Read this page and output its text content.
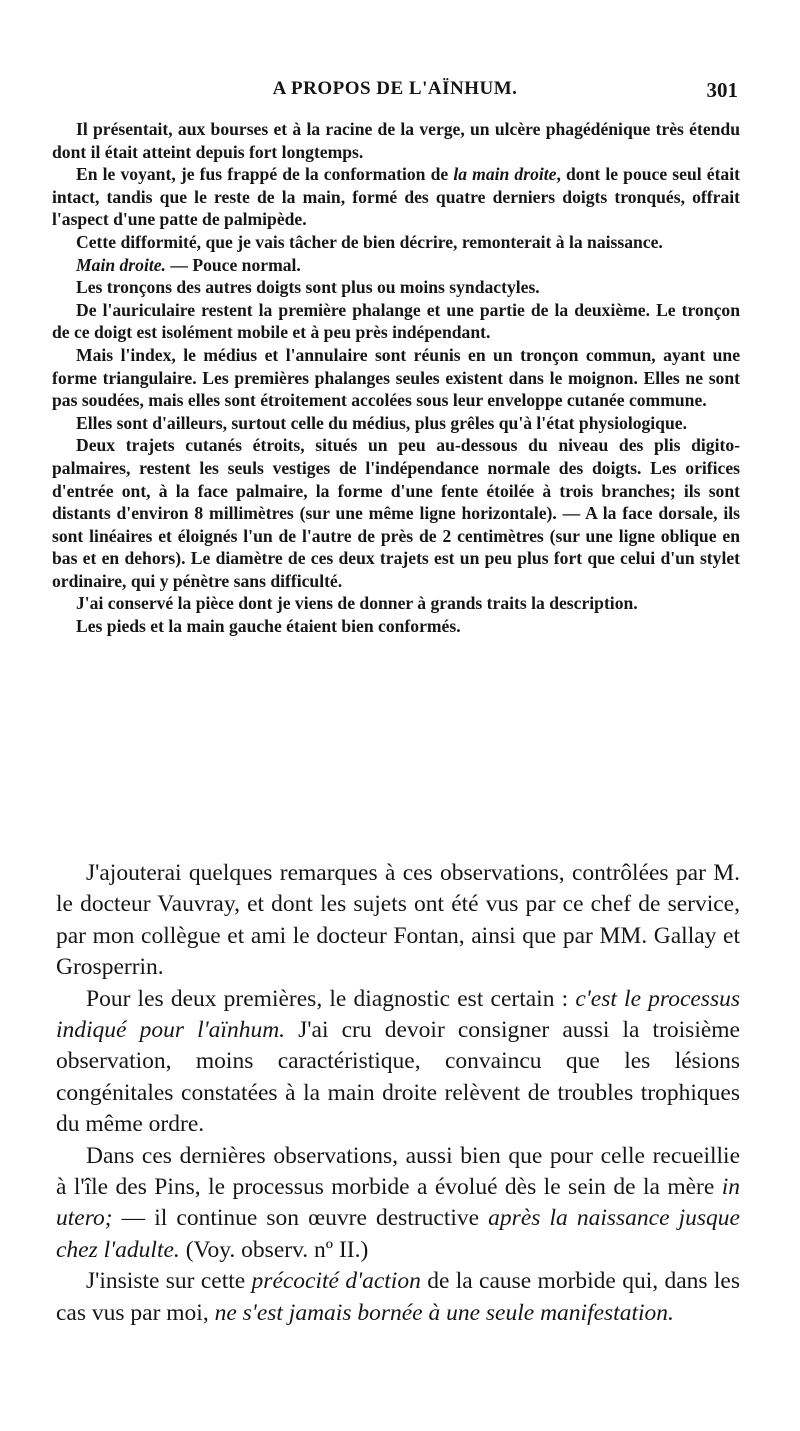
A PROPOS DE L'AÏNHUM.	301

Il présentait, aux bourses et à la racine de la verge, un ulcère phagédénique très étendu dont il était atteint depuis fort longtemps.

En le voyant, je fus frappé de la conformation de la main droite, dont le pouce seul était intact, tandis que le reste de la main, formé des quatre derniers doigts tronqués, offrait l'aspect d'une patte de palmipède.

Cette difformité, que je vais tâcher de bien décrire, remonterait à la naissance.

Main droite. — Pouce normal.

Les tronçons des autres doigts sont plus ou moins syndactyles.

De l'auriculaire restent la première phalange et une partie de la deuxième. Le tronçon de ce doigt est isolément mobile et à peu près indépendant.

Mais l'index, le médius et l'annulaire sont réunis en un tronçon commun, ayant une forme triangulaire. Les premières phalanges seules existent dans le moignon. Elles ne sont pas soudées, mais elles sont étroitement accolées sous leur enveloppe cutanée commune.

Elles sont d'ailleurs, surtout celle du médius, plus grêles qu'à l'état physiologique.

Deux trajets cutanés étroits, situés un peu au-dessous du niveau des plis digito-palmaires, restent les seuls vestiges de l'indépendance normale des doigts. Les orifices d'entrée ont, à la face palmaire, la forme d'une fente étoilée à trois branches; ils sont distants d'environ 8 millimètres (sur une même ligne horizontale). — A la face dorsale, ils sont linéaires et éloignés l'un de l'autre de près de 2 centimètres (sur une ligne oblique en bas et en dehors). Le diamètre de ces deux trajets est un peu plus fort que celui d'un stylet ordinaire, qui y pénètre sans difficulté.

J'ai conservé la pièce dont je viens de donner à grands traits la description.

Les pieds et la main gauche étaient bien conformés.

J'ajouterai quelques remarques à ces observations, contrôlées par M. le docteur Vauvray, et dont les sujets ont été vus par ce chef de service, par mon collègue et ami le docteur Fontan, ainsi que par MM. Gallay et Grosperrin.

Pour les deux premières, le diagnostic est certain : c'est le processus indiqué pour l'aïnhum. J'ai cru devoir consigner aussi la troisième observation, moins caractéristique, convaincu que les lésions congénitales constatées à la main droite relèvent de troubles trophiques du même ordre.

Dans ces dernières observations, aussi bien que pour celle recueillie à l'île des Pins, le processus morbide a évolué dès le sein de la mère in utero; — il continue son œuvre destructive après la naissance jusque chez l'adulte. (Voy. observ. nº II.)

J'insiste sur cette précocité d'action de la cause morbide qui, dans les cas vus par moi, ne s'est jamais bornée à une seule manifestation.
